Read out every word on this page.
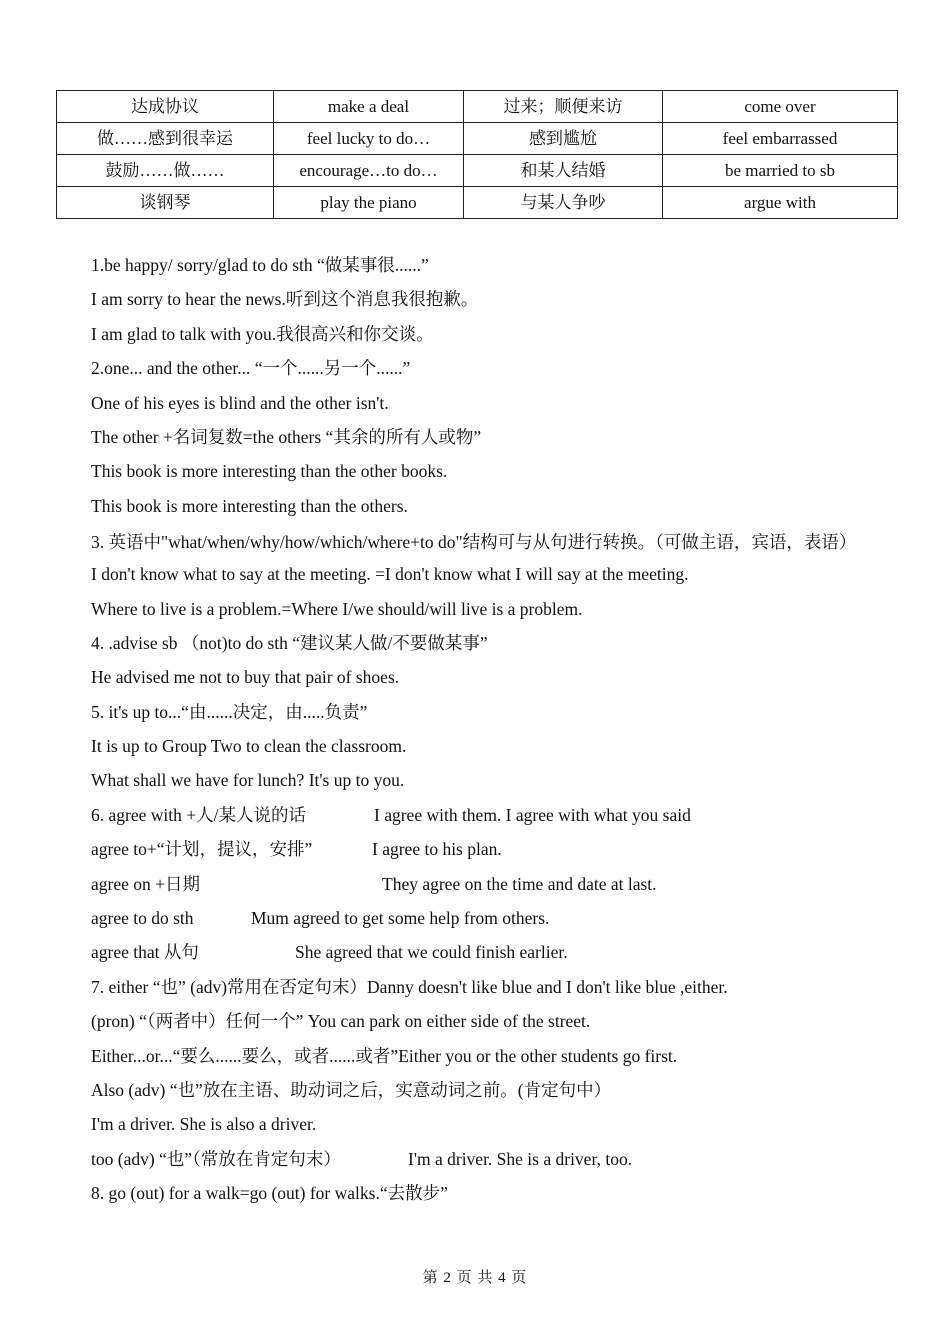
达成协议	make a deal	过来；顺便来访	come over
做……感到很幸运	feel lucky to do…	感到尴尬	feel embarrassed
鼓励……做……	encourage…to do…	和某人结婚	be married to sb
谈钢琴	play the piano	与某人争吵	argue with
1.be happy/ sorry/glad to do sth “做某事很......”
I am sorry to hear the news.听到这个消息我很抱歉。
I am glad to talk with you.我很高兴和你交谈。
2.one... and the other... “一个......另一个......”
One of his eyes is blind and the other isn't.
The other +名词复数=the others “其余的所有人或物”
This book is more interesting than the other books.
This book is more interesting than the others.
3. 英语中"what/when/why/how/which/where+to do"结构可与从句进行转换。（可做主语，宾语，表语）
I don't know what to say at the meeting. =I don't know what I will say at the meeting.
Where to live is a problem.=Where I/we should/will live is a problem.
4. .advise sb （not)to do sth “建议某人做/不要做某事”
He advised me not to buy that pair of shoes.
5. it's up to...“由......决定，由.....负责”
It is up to Group Two to clean the classroom.
What shall we have for lunch? It's up to you.
6. agree with +人/某人说的话	I agree with them. I agree with what you said
agree to+“计划，提议，安排”	I agree to his plan.
agree on +日期	They agree on the time and date at last.
agree to do sth	Mum agreed to get some help from others.
agree that 从句	She agreed that we could finish earlier.
7. either “也” (adv)常用在否定句末）Danny doesn't like blue and I don't like blue ,either.
(pron) “（两者中）任何一个” You can park on either side of the street.
Either...or...“要么......要么，或者......或者”Either you or the other students go first.
Also (adv) “也”放在主语、助动词之后，实意动词之前。(肯定句中）
I'm a driver. She is also a driver.
too (adv) “也”（常放在肯定句末）	I'm a driver. She is a driver, too.
8. go (out) for a walk=go (out) for walks.“去散步”
第 2 页 共 4 页
